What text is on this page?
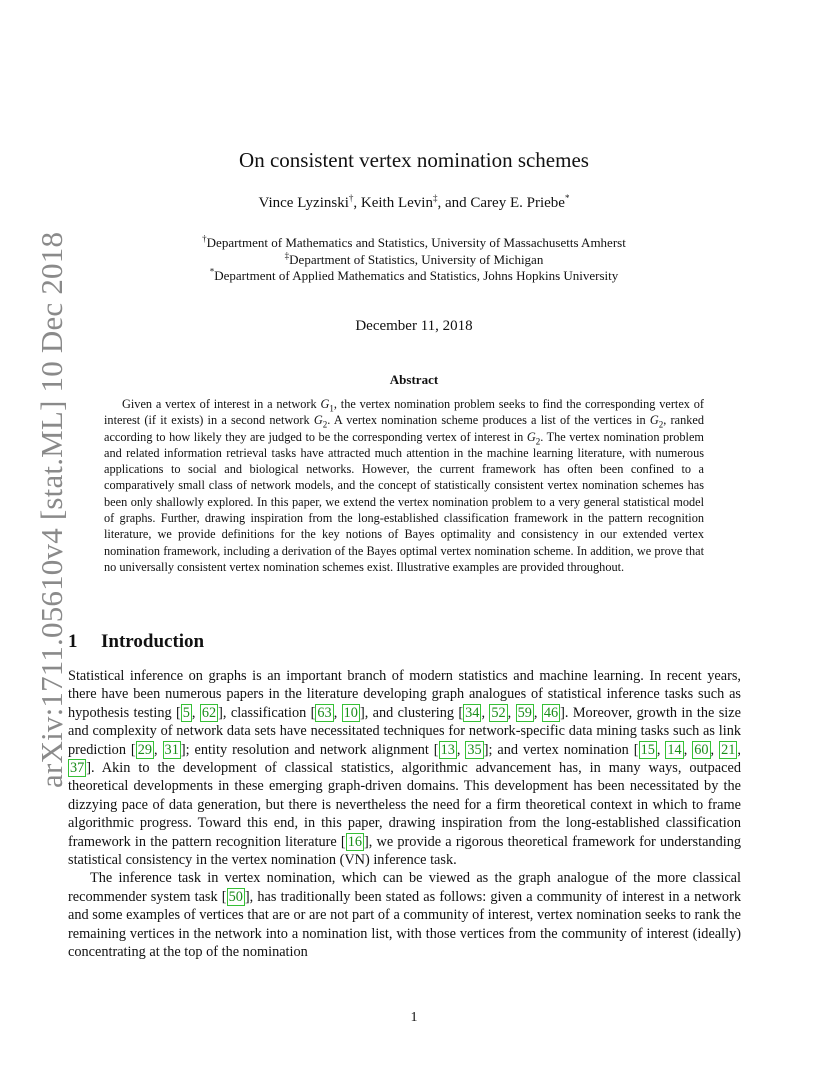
arXiv:1711.05610v4 [stat.ML] 10 Dec 2018
On consistent vertex nomination schemes
Vince Lyzinski†, Keith Levin‡, and Carey E. Priebe*
†Department of Mathematics and Statistics, University of Massachusetts Amherst
‡Department of Statistics, University of Michigan
*Department of Applied Mathematics and Statistics, Johns Hopkins University
December 11, 2018
Abstract

Given a vertex of interest in a network $G_1$, the vertex nomination problem seeks to find the corresponding vertex of interest (if it exists) in a second network $G_2$. A vertex nomination scheme produces a list of the vertices in $G_2$, ranked according to how likely they are judged to be the corresponding vertex of interest in $G_2$. The vertex nomination problem and related information retrieval tasks have attracted much attention in the machine learning literature, with numerous applications to social and biological networks. However, the current framework has often been confined to a comparatively small class of network models, and the concept of statistically consistent vertex nomination schemes has been only shallowly explored. In this paper, we extend the vertex nomination problem to a very general statistical model of graphs. Further, drawing inspiration from the long-established classification framework in the pattern recognition literature, we provide definitions for the key notions of Bayes optimality and consistency in our extended vertex nomination framework, including a derivation of the Bayes optimal vertex nomination scheme. In addition, we prove that no universally consistent vertex nomination schemes exist. Illustrative examples are provided throughout.

1 Introduction

Statistical inference on graphs is an important branch of modern statistics and machine learning. In recent years, there have been numerous papers in the literature developing graph analogues of statistical inference tasks such as hypothesis testing [ 5 , 62 ], classification [ 63 , 10 ], and clustering [ 34 , 52 , 59 , 46 ]. Moreover, growth in the size and complexity of network data sets have necessitated techniques for network-specific data mining tasks such as link prediction [ 29 , 31 ]; entity resolution and network alignment [ 13 , 35 ]; and vertex nomination [ 15 , 14 , 60 , 21 , 37 ]. Akin to the development of classical statistics, algorithmic advancement has, in many ways, outpaced theoretical developments in these emerging graph-driven domains. This development has been necessitated by the dizzying pace of data generation, but there is nevertheless the need for a firm theoretical context in which to frame algorithmic progress. Toward this end, in this paper, drawing inspiration from the long-established classification framework in the pattern recognition literature [ 16 ], we provide a rigorous theoretical framework for understanding statistical consistency in the vertex nomination (VN) inference task.

The inference task in vertex nomination, which can be viewed as the graph analogue of the more classical recommender system task [ 50 ], has traditionally been stated as follows: given a community of interest in a network and some examples of vertices that are or are not part of a community of interest, vertex nomination seeks to rank the remaining vertices in the network into a nomination list, with those vertices from the community of interest (ideally) concentrating at the top of the nomination

1
